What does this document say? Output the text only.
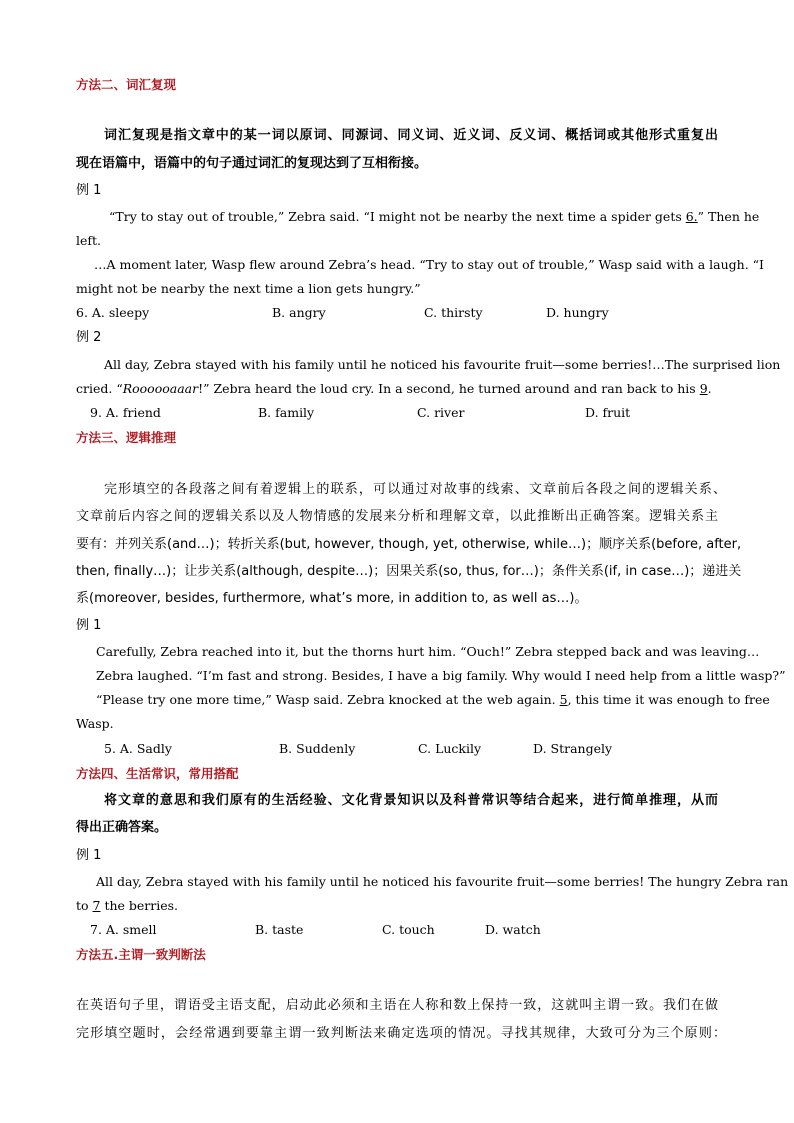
方法二、词汇复现
词汇复现是指文章中的某一词以原词、同源词、同义词、近义词、反义词、概括词或其他形式重复出
现在语篇中，语篇中的句子通过词汇的复现达到了互相衔接。
例 1
“Try to stay out of trouble,” Zebra said. “I might not be nearby the next time a spider gets 6.” Then he
left.
…A moment later, Wasp flew around Zebra’s head. “Try to stay out of trouble,” Wasp said with a laugh. “I
might not be nearby the next time a lion gets hungry.”
6. A. sleepy	B. angry	C. thirsty	D. hungry
例 2
All day, Zebra stayed with his family until he noticed his favourite fruit—some berries!…The surprised lion
cried. “Roooooaaar!” Zebra heard the loud cry. In a second, he turned around and ran back to his 9.
9. A. friend	B. family	C. river	D. fruit
方法三、逻辑推理
完形填空的各段落之间有着逻辑上的联系，可以通过对故事的线索、文章前后各段之间的逻辑关系、
文章前后内容之间的逻辑关系以及人物情感的发展来分析和理解文章，以此推断出正确答案。逻辑关系主
要有：并列关系(and…)；转折关系(but, however, though, yet, otherwise, while…)；顺序关系(before, after,
then, finally…)；让步关系(although, despite…)；因果关系(so, thus, for…)；条件关系(if, in case…)；递进关
系(moreover, besides, furthermore, what’s more, in addition to, as well as…)。
例 1
Carefully, Zebra reached into it, but the thorns hurt him. “Ouch!” Zebra stepped back and was leaving…
Zebra laughed. “I’m fast and strong. Besides, I have a big family. Why would I need help from a little wasp?”
“Please try one more time,” Wasp said. Zebra knocked at the web again. 5, this time it was enough to free
Wasp.
5. A. Sadly	B. Suddenly	C. Luckily	D. Strangely
方法四、生活常识，常用搭配
将文章的意思和我们原有的生活经验、文化背景知识以及科普常识等结合起来，进行简单推理，从而
得出正确答案。
例 1
All day, Zebra stayed with his family until he noticed his favourite fruit—some berries! The hungry Zebra ran
to 7 the berries.
7. A. smell	B. taste	C. touch	D. watch
方法五.主谓一致判断法
在英语句子里，谓语受主语支配，启动此必须和主语在人称和数上保持一致，这就叫主谓一致。我们在做
完形填空题时，会经常遇到要靠主谓一致判断法来确定选项的情况。寻找其规律，大致可分为三个原则：
